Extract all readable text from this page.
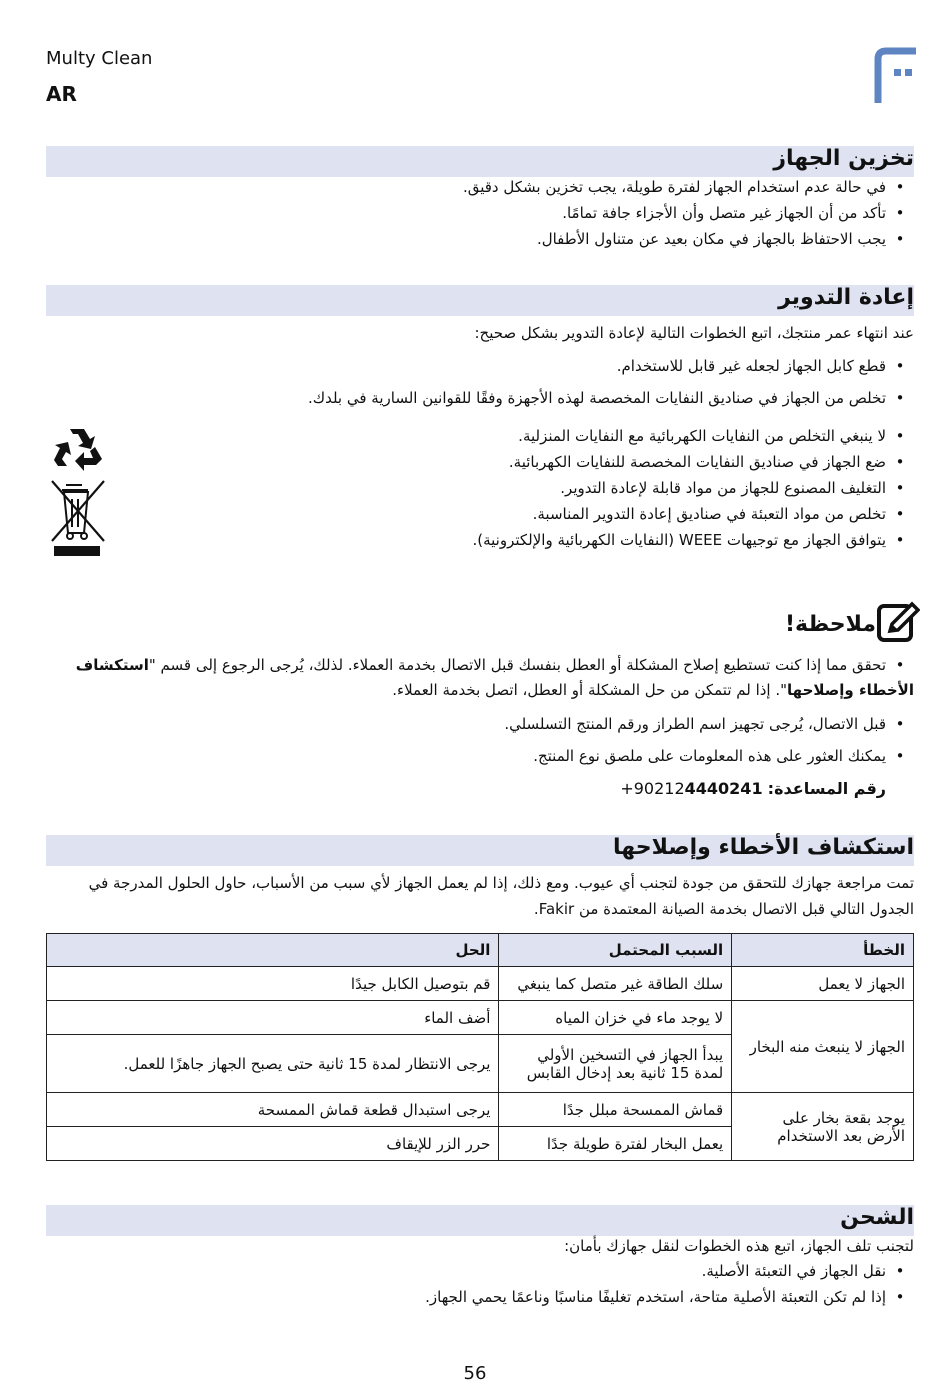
Multy Clean
AR
تخزين الجهاز
•في حالة عدم استخدام الجهاز لفترة طويلة، يجب تخزين بشكل دقيق.
•تأكد من أن الجهاز غير متصل وأن الأجزاء جافة تمامًا.
•يجب الاحتفاظ بالجهاز في مكان بعيد عن متناول الأطفال.
إعادة التدوير
عند انتهاء عمر منتجك، اتبع الخطوات التالية لإعادة التدوير بشكل صحيح:
•قطع كابل الجهاز لجعله غير قابل للاستخدام.
•تخلص من الجهاز في صناديق النفايات المخصصة لهذه الأجهزة وفقًا للقوانين السارية في بلدك.
•لا ينبغي التخلص من النفايات الكهربائية مع النفايات المنزلية.
•ضع الجهاز في صناديق النفايات المخصصة للنفايات الكهربائية.
•التغليف المصنوع للجهاز من مواد قابلة لإعادة التدوير.
•تخلص من مواد التعبئة في صناديق إعادة التدوير المناسبة.
•يتوافق الجهاز مع توجيهات WEEE (النفايات الكهربائية والإلكترونية).
ملاحظة!
•تحقق مما إذا كنت تستطيع إصلاح المشكلة أو العطل بنفسك قبل الاتصال بخدمة العملاء. لذلك، يُرجى الرجوع إلى قسم "استكشاف الأخطاء وإصلاحها". إذا لم تتمكن من حل المشكلة أو العطل، اتصل بخدمة العملاء.
•قبل الاتصال، يُرجى تجهيز اسم الطراز ورقم المنتج التسلسلي.
•يمكنك العثور على هذه المعلومات على ملصق نوع المنتج.
رقم المساعدة: +902124440241
استكشاف الأخطاء وإصلاحها
تمت مراجعة جهازك للتحقق من جودة لتجنب أي عيوب. ومع ذلك، إذا لم يعمل الجهاز لأي سبب من الأسباب، حاول الحلول المدرجة في
الجدول التالي قبل الاتصال بخدمة الصيانة المعتمدة من Fakir.
الخطأ	السبب المحتمل	الحل
الجهاز لا يعمل	سلك الطاقة غير متصل كما ينبغي	قم بتوصيل الكابل جيدًا
الجهاز لا ينبعث منه البخار	لا يوجد ماء في خزان المياه	أضف الماء
	يبدأ الجهاز في التسخين الأولي لمدة 15 ثانية بعد إدخال القابس	يرجى الانتظار لمدة 15 ثانية حتى يصبح الجهاز جاهزًا للعمل.
يوجد بقعة بخار على الأرض بعد الاستخدام	قماش الممسحة مبلل جدًا	يرجى استبدال قطعة قماش الممسحة
	يعمل البخار لفترة طويلة جدًا	حرر الزر للإيقاف
الشحن
لتجنب تلف الجهاز، اتبع هذه الخطوات لنقل جهازك بأمان:
•نقل الجهاز في التعبئة الأصلية.
•إذا لم تكن التعبئة الأصلية متاحة، استخدم تغليفًا مناسبًا وناعمًا يحمي الجهاز.
56
